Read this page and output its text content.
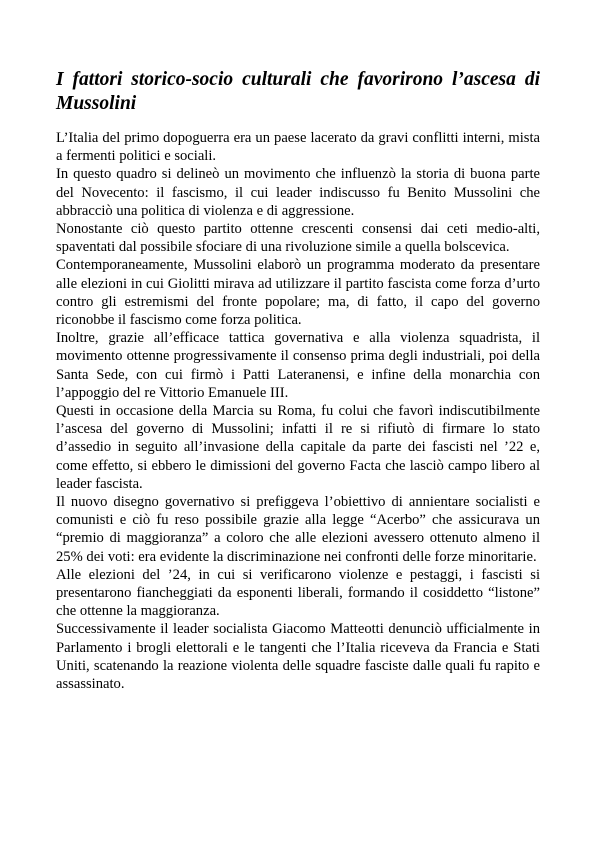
I fattori storico-socio culturali che favorirono l’ascesa di Mussolini

L’Italia del primo dopoguerra era un paese lacerato da gravi conflitti interni, mista a fermenti politici e sociali.

In questo quadro si delineò un movimento che influenzò la storia di buona parte del Novecento: il fascismo, il cui leader indiscusso fu Benito Mussolini che abbracciò una politica di violenza e di aggressione.

Nonostante ciò questo partito ottenne crescenti consensi dai ceti medio-alti, spaventati dal possibile sfociare di una rivoluzione simile a quella bolscevica.

Contemporaneamente, Mussolini elaborò un programma moderato da presentare alle elezioni in cui Giolitti mirava ad utilizzare il partito fascista come forza d’urto contro gli estremismi del fronte popolare; ma, di fatto, il capo del governo riconobbe il fascismo come forza politica.

Inoltre, grazie all’efficace tattica governativa e alla violenza squadrista, il movimento ottenne progressivamente il consenso prima degli industriali, poi della Santa Sede, con cui firmò i Patti Lateranensi, e infine della monarchia con l’appoggio del re Vittorio Emanuele III.

Questi in occasione della Marcia su Roma, fu colui che favorì indiscutibilmente l’ascesa del governo di Mussolini; infatti il re si rifiutò di firmare lo stato d’assedio in seguito all’invasione della capitale da parte dei fascisti nel ’22 e, come effetto, si ebbero le dimissioni del governo Facta che lasciò campo libero al leader fascista.

Il nuovo disegno governativo si prefiggeva l’obiettivo di annientare socialisti e comunisti e ciò fu reso possibile grazie alla legge “Acerbo” che assicurava un “premio di maggioranza” a coloro che alle elezioni avessero ottenuto almeno il 25% dei voti: era evidente la discriminazione nei confronti delle forze minoritarie.

Alle elezioni del ’24, in cui si verificarono violenze e pestaggi, i fascisti si presentarono fiancheggiati da esponenti liberali, formando il cosiddetto “listone” che ottenne la maggioranza.

Successivamente il leader socialista Giacomo Matteotti denunciò ufficialmente in Parlamento i brogli elettorali e le tangenti che l’Italia riceveva da Francia e Stati Uniti, scatenando la reazione violenta delle squadre fasciste dalle quali fu rapito e assassinato.
